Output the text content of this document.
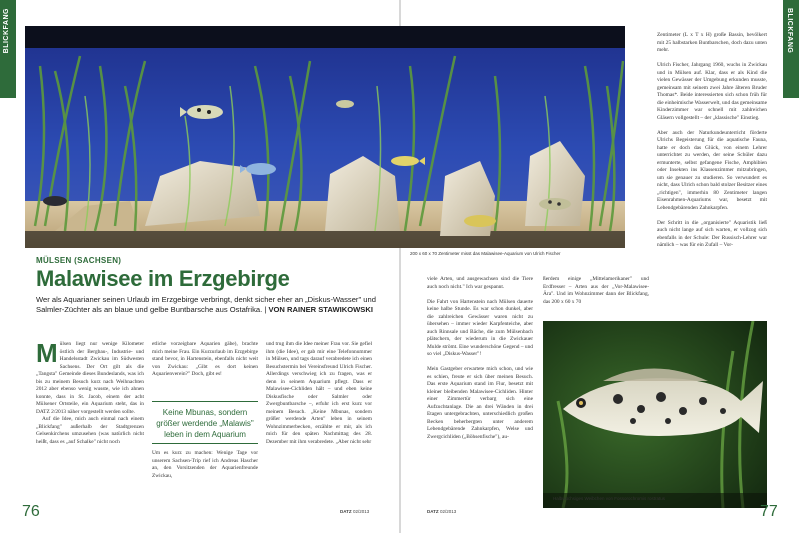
BLICKFANG	BLICKFANG
200 x 60 x 70 Zentimeter misst das Malawisee-Aquarium von Ulrich Fischer
MÜLSEN (SACHSEN)
Malawisee im Erzgebirge
Wer als Aquarianer seinen Urlaub im Erzgebirge verbringt, denkt sicher eher an „Diskus-Wasser" und Salmler-Züchter als an blaue und gelbe Buntbarsche aus Ostafrika. | VON RAINER STAWIKOWSKI
Mülsen liegt nur wenige Kilometer östlich der Bergbau-, Industrie- und Handelsstadt Zwickau im Südwesten Sachsens. Der Ort gilt als die „Tangsta" Gemeinde dieses Bundeslands, was ich bis zu meinem Besuch kurz nach Weihnachten 2012 aber ebenso wenig wusste, wie ich ahnen konnte, dass in St. Jacob, einem der acht Mülsener Ortsteile, ein Aquarium steht, das in DATZ 2/2013 näher vorgestellt werden sollte.

Auf die Idee, mich auch einmal nach einem „Blickfang" außerhalb der Stadtgrenzen Gelsenkirchens umzusehen (was natürlich nicht heißt, dass es „auf Schalke" nicht noch
etliche vorzeigbare Aquarien gäbe), brachte mich meine Frau. Ein Kurzurlaub im Erzgebirge stand bevor, in Hartenstein, ebenfalls nicht weit von Zwickau: „Gibt es dort keinen Aquarienverein?" Doch, gibt es!
Keine Mbunas, sondern größer werdende „Malawis" leben in dem Aquarium
Um es kurz zu machen: Wenige Tage vor unserem Sachsen-Trip rief ich Andreas Hascher an, den Vorsitzenden der Aquarienfreunde Zwickau,
und trug ihm die Idee meiner Frau vor. Sie gefiel ihm (die Idee), er gab mir eine Telefonnummer in Mülsen, und tags darauf verabredete ich einen Besuchstermin bei Vereinsfreund Ulrich Fischer. Allerdings verschwieg ich zu fragen, was er denn in seinem Aquarium pflegt. Dass er Malawisee-Cichliden hält – und eben keine Diskusfische oder Salmler oder Zwergbuntbarsche –, erfuhr ich erst kurz vor meinem Besuch. „Keine Mbunas, sondern größer werdende Arten" leben in seinem Wohnzimmerbecken, erzählte er mir, als ich mich für den späten Nachmittag des 28. Dezember mit ihm verabredete. „Aber nicht sehr
viele Arten, und ausgewachsen sind die Tiere auch noch nicht." Ich war gespannt.

Die Fahrt von Hartenstein nach Mülsen dauerte keine halbe Stunde. Es war schon dunkel, aber die zahlreichen Gewässer waren nicht zu übersehen – immer wieder Karpfenteiche, aber auch Rinnsale und Bäche, die zum Mülsenbach plätschern, der wiederum in die Zwickauer Mulde strömt. Eine wunderschöne Gegend – und so viel „Diskus-Wasser"!

Mein Gastgeber erwartete mich schon, und wie es schien, freute er sich über meinen Besuch. Das erste Aquarium stand im Flur, besetzt mit kleiner bleibenden Malawisee-Cichliden. Hinter einer Zimmertür verbarg sich eine Aufzuchtanlage. Die an drei Wänden in drei Etagen untergebrachten, unterschiedlich großen Becken beherbergten unter anderem Lebendgebärende Zahnkarpfen, Welse und Zwergcichliden („Böhsenfische"), au-
ßerdem einige „Mittelamerikaner" und Erdfresser – Arten aus der „Vor-Malawisee-Ära". Und im Wohnzimmer dann der Blickfang, das 200 x 60 x 70
Zentimeter (L x T x H) große Bassin, bevölkert mit 25 halbstarken Buntbarschen, doch dazu unten mehr.

Ulrich Fischer, Jahrgang 1960, wuchs in Zwickau und in Mülsen auf. Klar, dass er als Kind die vielen Gewässer der Umgebung erkunden musste, gemeinsam mit seinem zwei Jahre älteren Bruder Thomas*. Beide interessierten sich schon früh für die einheimische Wasserwelt, und das gemeinsame Kinderzimmer war schnell mit zahlreichen Gläsern vollgestellt – der „klassische" Einstieg.

Aber auch der Naturkundeunterricht förderte Ulrichs Begeisterung für die aquatische Fauna, hatte er doch das Glück, von einem Lehrer unterrichtet zu werden, der seine Schüler dazu ermunterte, selbst gefangene Fische, Amphibien oder Insekten ins Klassenzimmer mitzubringen, um sie genauer zu studieren. So verwundert es nicht, dass Ulrich schon bald stolzer Besitzer eines „richtigen", immerhin 80 Zentimeter langen Eisenrahmen-Aquariums war, besetzt mit Lebendgebärenden Zahnkarpfen.

Der Schritt in die „organisierte" Aquaristik ließ auch nicht lange auf sich warten, er vollzog sich ebenfalls in der Schule: Der Russisch-Lehrer war nämlich – was für ein Zufall – Vor-
Halbwüchsiges Weibchen von Fossorochromis rostratus
76	DATZ 02/2013	DATZ 02/2013	77
